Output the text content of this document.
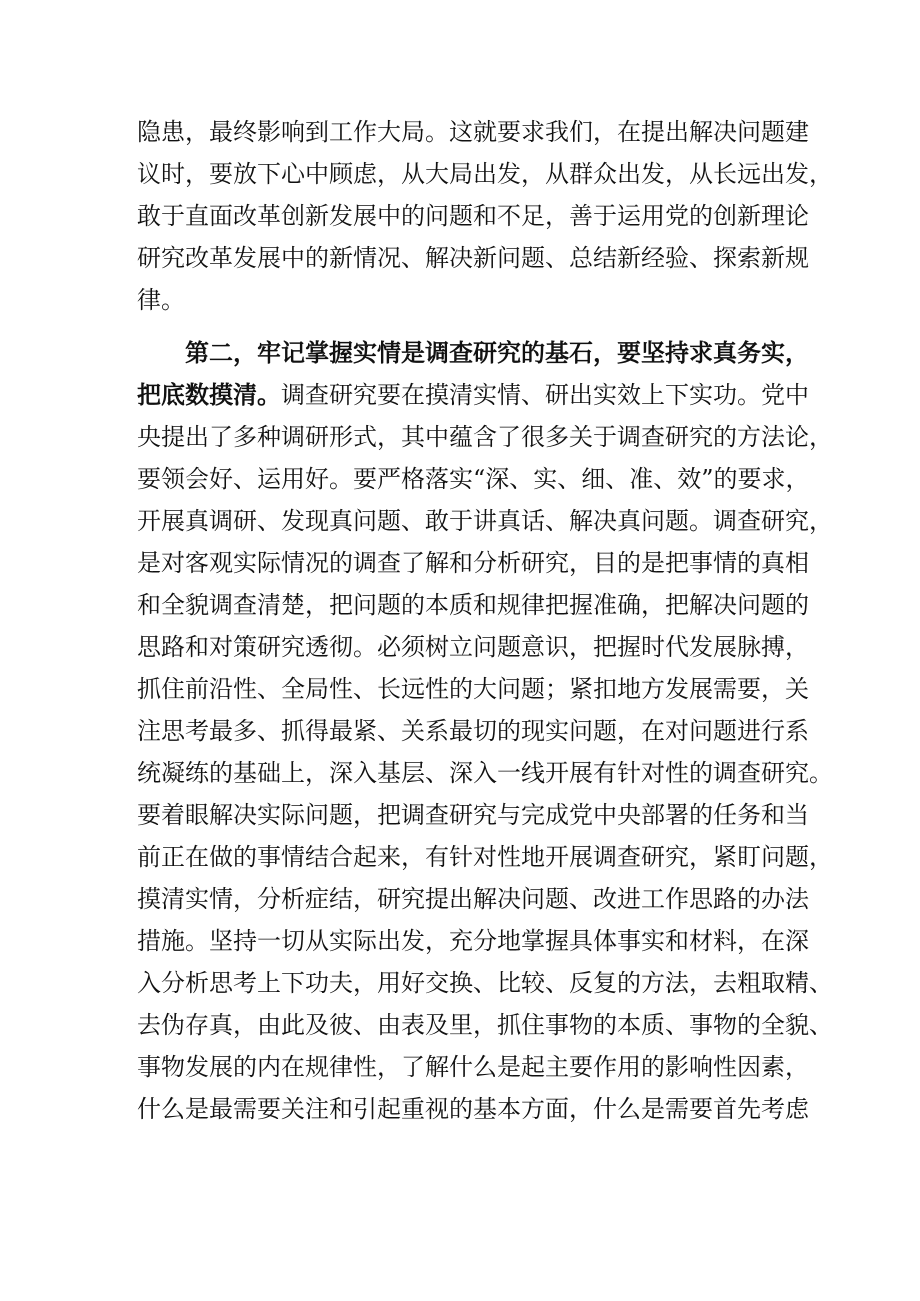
隐患，最终影响到工作大局。这就要求我们，在提出解决问题建
议时，要放下心中顾虑，从大局出发，从群众出发，从长远出发，
敢于直面改革创新发展中的问题和不足，善于运用党的创新理论
研究改革发展中的新情况、解决新问题、总结新经验、探索新规
律。
第二，牢记掌握实情是调查研究的基石，要坚持求真务实，
把底数摸清。调查研究要在摸清实情、研出实效上下实功。党中
央提出了多种调研形式，其中蕴含了很多关于调查研究的方法论，
要领会好、运用好。要严格落实“深、实、细、准、效”的要求，
开展真调研、发现真问题、敢于讲真话、解决真问题。调查研究，
是对客观实际情况的调查了解和分析研究，目的是把事情的真相
和全貌调查清楚，把问题的本质和规律把握准确，把解决问题的
思路和对策研究透彻。必须树立问题意识，把握时代发展脉搏，
抓住前沿性、全局性、长远性的大问题；紧扣地方发展需要，关
注思考最多、抓得最紧、关系最切的现实问题，在对问题进行系
统凝练的基础上，深入基层、深入一线开展有针对性的调查研究。
要着眼解决实际问题，把调查研究与完成党中央部署的任务和当
前正在做的事情结合起来，有针对性地开展调查研究，紧盯问题，
摸清实情，分析症结，研究提出解决问题、改进工作思路的办法
措施。坚持一切从实际出发，充分地掌握具体事实和材料，在深
入分析思考上下功夫，用好交换、比较、反复的方法，去粗取精、
去伪存真，由此及彼、由表及里，抓住事物的本质、事物的全貌、
事物发展的内在规律性，了解什么是起主要作用的影响性因素，
什么是最需要关注和引起重视的基本方面，什么是需要首先考虑
